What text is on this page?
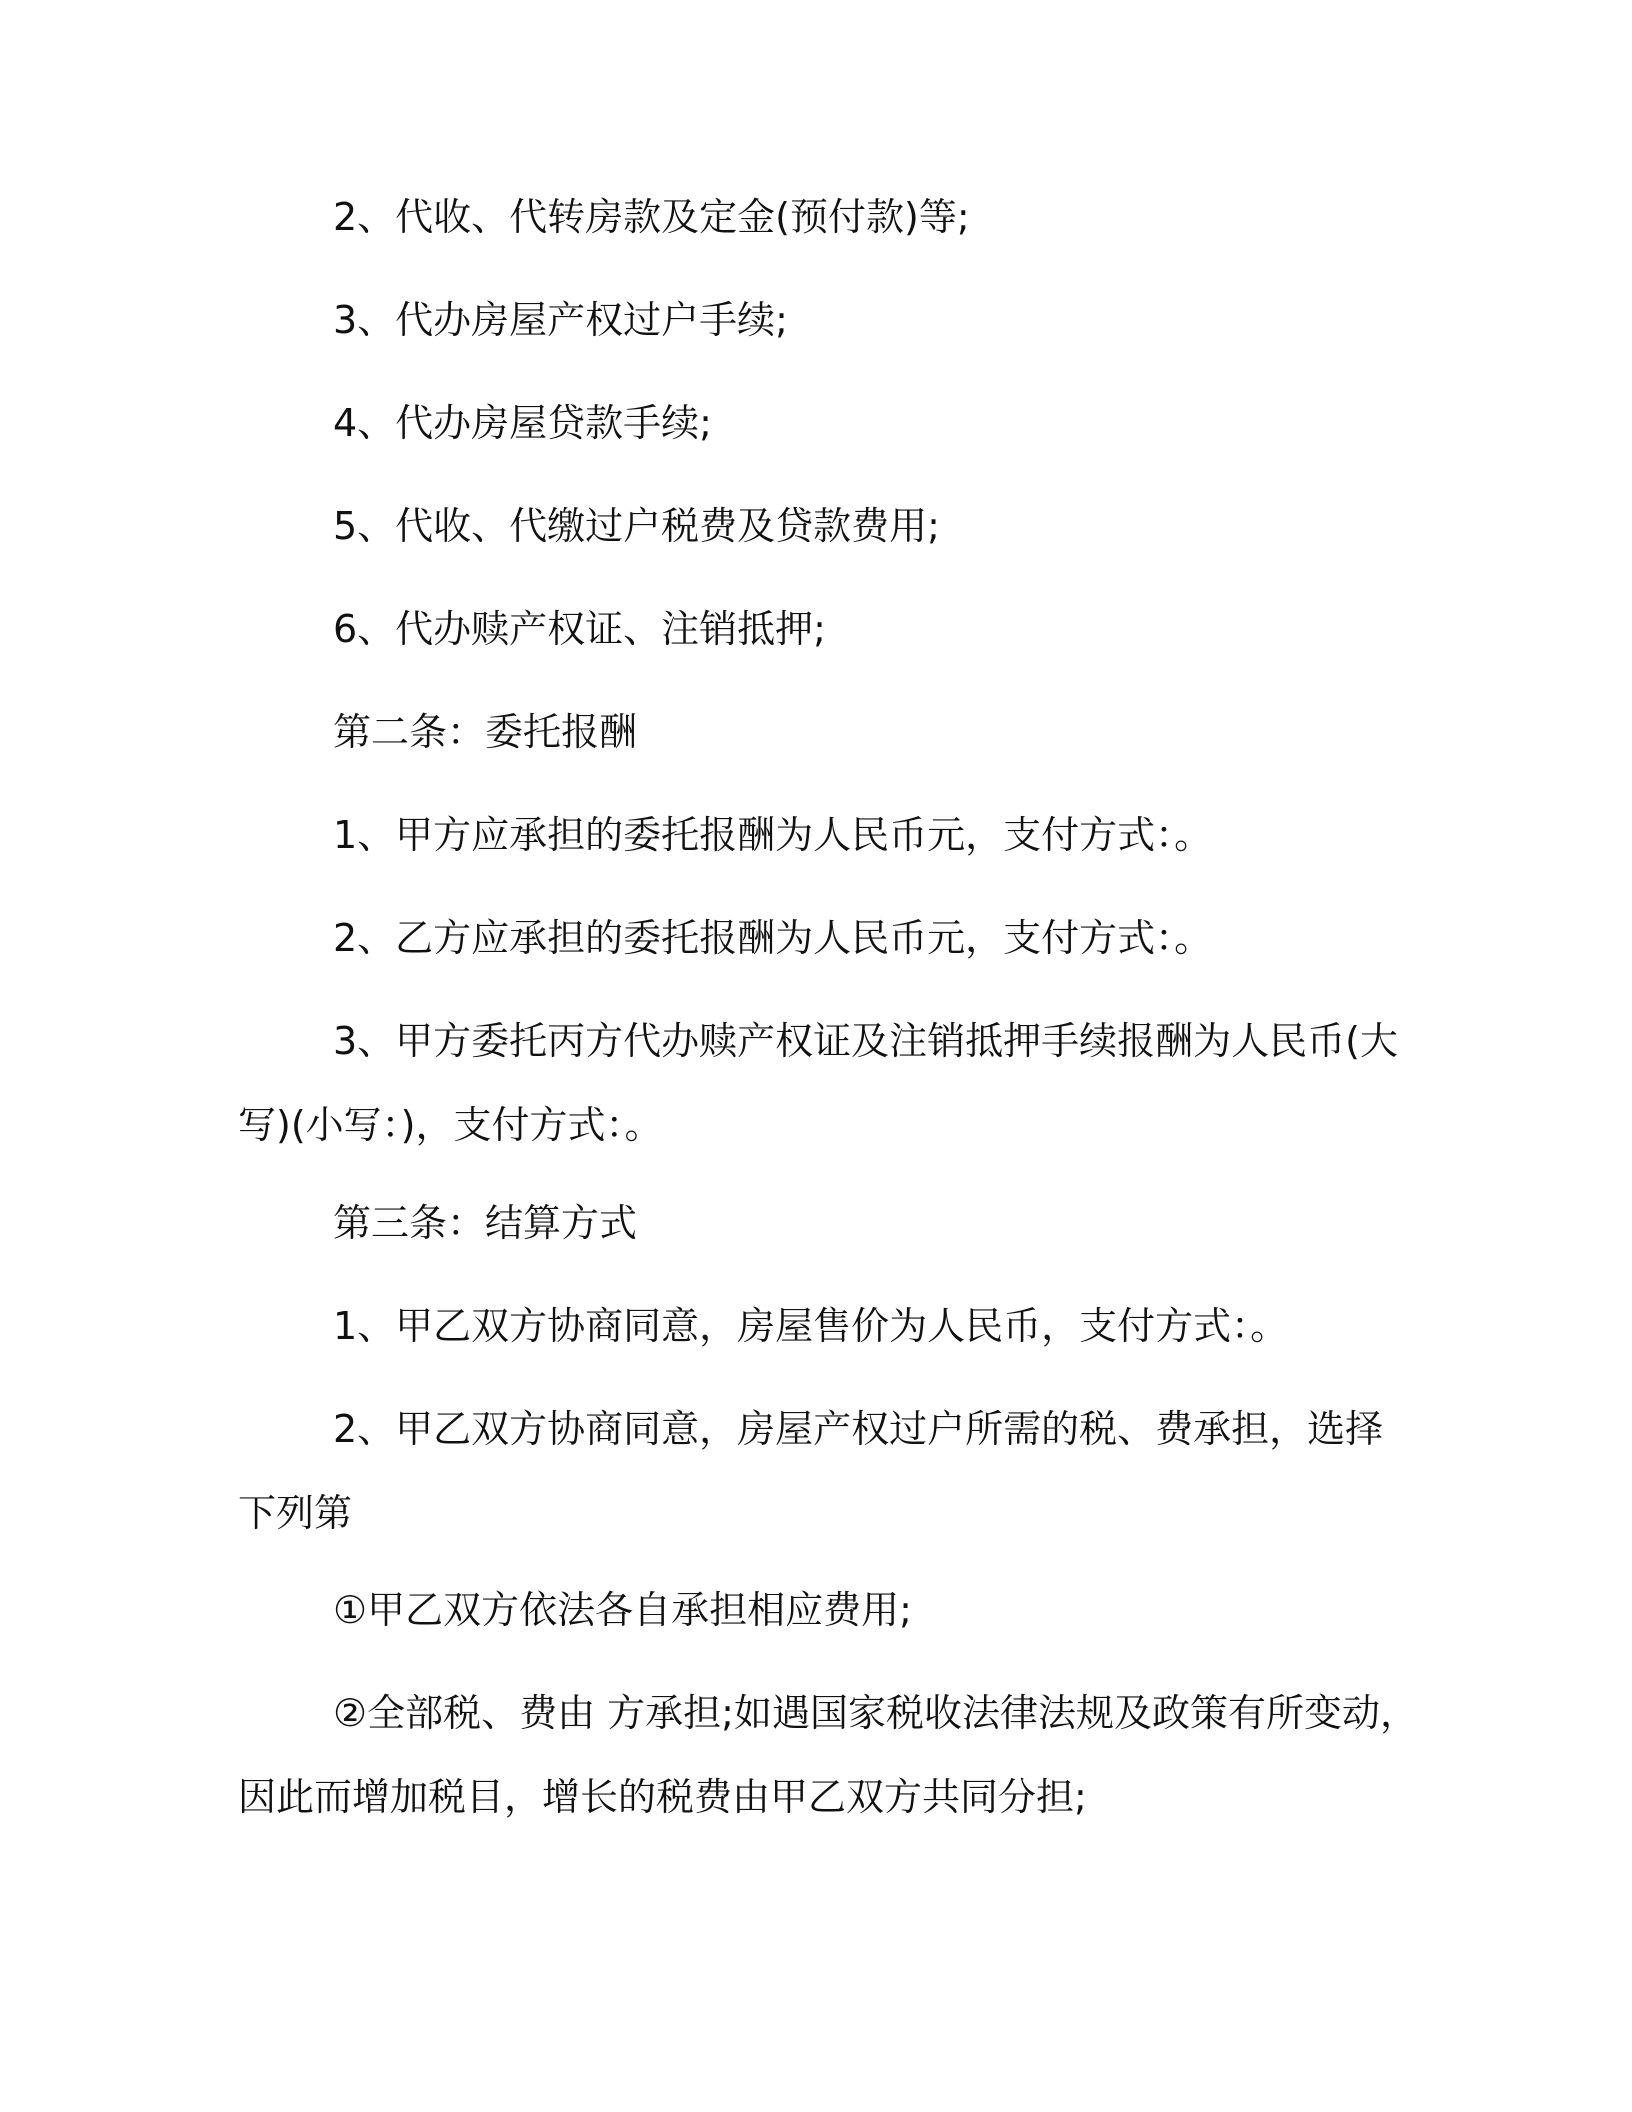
2、代收、代转房款及定金(预付款)等;
3、代办房屋产权过户手续;
4、代办房屋贷款手续;
5、代收、代缴过户税费及贷款费用;
6、代办赎产权证、注销抵押;
第二条：委托报酬
1、甲方应承担的委托报酬为人民币元，支付方式：。
2、乙方应承担的委托报酬为人民币元，支付方式：。
3、甲方委托丙方代办赎产权证及注销抵押手续报酬为人民币(大
写)(小写：)，支付方式：。
第三条：结算方式
1、甲乙双方协商同意，房屋售价为人民币，支付方式：。
2、甲乙双方协商同意，房屋产权过户所需的税、费承担，选择
下列第
①甲乙双方依法各自承担相应费用;
②全部税、费由 方承担;如遇国家税收法律法规及政策有所变动，
因此而增加税目，增长的税费由甲乙双方共同分担;
